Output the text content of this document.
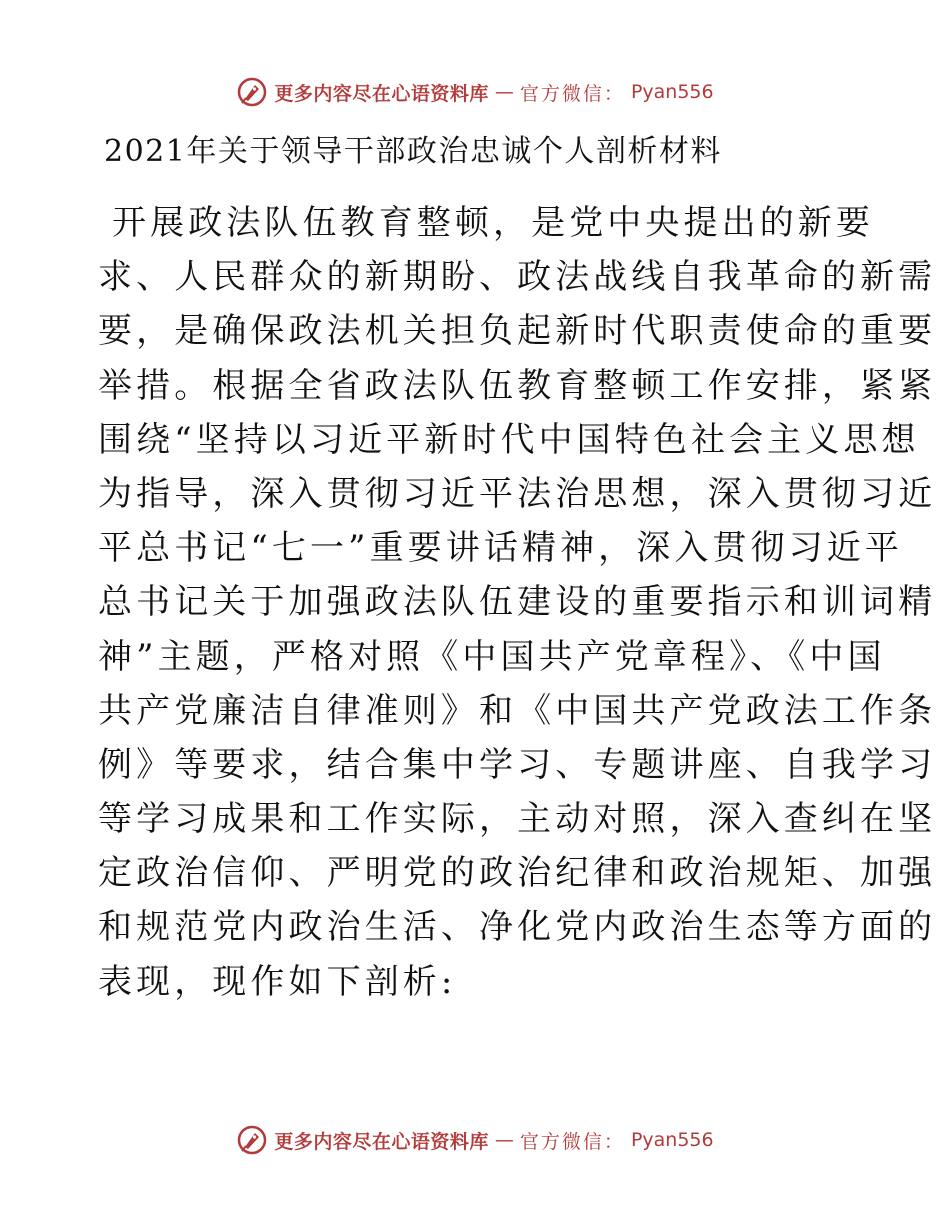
更多内容尽在心语资料库 — 官方微信： Pyan556
2021年关于领导干部政治忠诚个人剖析材料
开展政法队伍教育整顿，是党中央提出的新要
求、人民群众的新期盼、政法战线自我革命的新需
要，是确保政法机关担负起新时代职责使命的重要
举措。根据全省政法队伍教育整顿工作安排，紧紧
围绕“坚持以习近平新时代中国特色社会主义思想
为指导，深入贯彻习近平法治思想，深入贯彻习近
平总书记“七一”重要讲话精神，深入贯彻习近平
总书记关于加强政法队伍建设的重要指示和训词精
神”主题，严格对照《中国共产党章程》、《中国
共产党廉洁自律准则》和《中国共产党政法工作条
例》等要求，结合集中学习、专题讲座、自我学习
等学习成果和工作实际，主动对照，深入查纠在坚
定政治信仰、严明党的政治纪律和政治规矩、加强
和规范党内政治生活、净化党内政治生态等方面的
表现，现作如下剖析:
更多内容尽在心语资料库 — 官方微信： Pyan556
